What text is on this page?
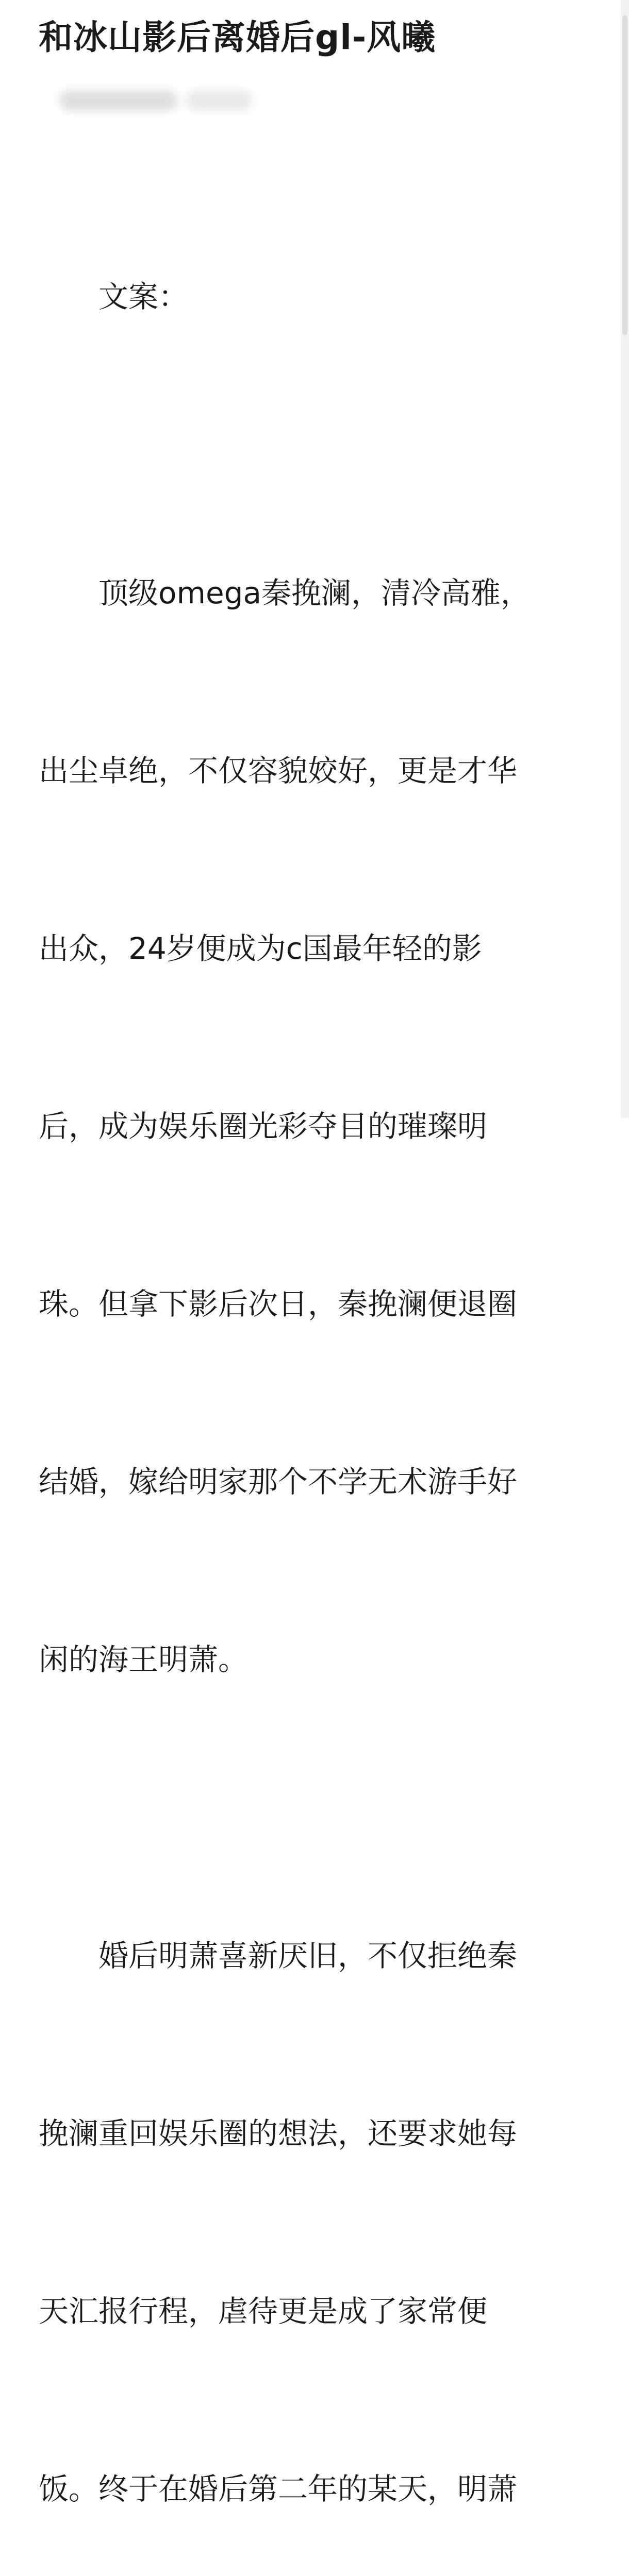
和冰山影后离婚后gl-风曦

　　文案：

　　顶级omega秦挽澜，清冷高雅，

出尘卓绝，不仅容貌姣好，更是才华

出众，24岁便成为c国最年轻的影

后，成为娱乐圈光彩夺目的璀璨明

珠。但拿下影后次日，秦挽澜便退圈

结婚，嫁给明家那个不学无术游手好

闲的海王明萧。

　　婚后明萧喜新厌旧，不仅拒绝秦

挽澜重回娱乐圈的想法，还要求她每

天汇报行程，虐待更是成了家常便

饭。终于在婚后第二年的某天，明萧
